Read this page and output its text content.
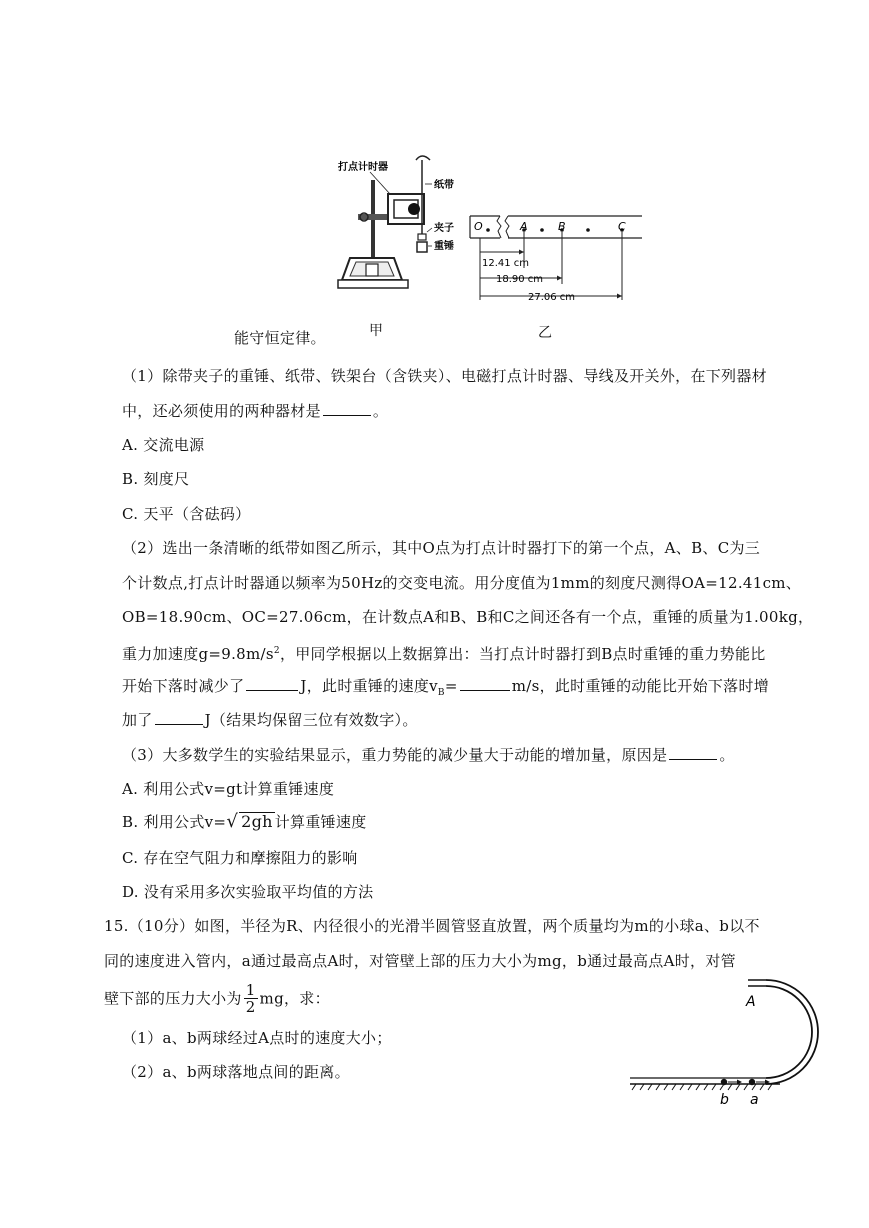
打点计时器
纸带
夹子
重锤
O	A	B	C
12.41 cm
18.90 cm
27.06 cm
甲	乙
能守恒定律。
（1）除带夹子的重锤、纸带、铁架台（含铁夹）、电磁打点计时器、导线及开关外，在下列器材
中，还必须使用的两种器材是	。
A. 交流电源
B. 刻度尺
C. 天平（含砝码）
（2）选出一条清晰的纸带如图乙所示，其中O点为打点计时器打下的第一个点，A、B、C为三
个计数点,打点计时器通以频率为50Hz的交变电流。用分度值为1mm的刻度尺测得OA=12.41cm、
OB=18.90cm、OC=27.06cm，在计数点A和B、B和C之间还各有一个点，重锤的质量为1.00kg，
重力加速度$g=9.8m/s^2$，甲同学根据以上数据算出：当打点计时器打到B点时重锤的重力势能比
开始下落时减少了	J，此时重锤的速度$v_B=$	m/s，此时重锤的动能比开始下落时增
加了	J（结果均保留三位有效数字）。
（3）大多数学生的实验结果显示，重力势能的减少量大于动能的增加量，原因是	。
A. 利用公式v=gt计算重锤速度
B. 利用公式v=√ 2gh 计算重锤速度
C. 存在空气阻力和摩擦阻力的影响
D. 没有采用多次实验取平均值的方法
15.（10分）如图，半径为R、内径很小的光滑半圆管竖直放置，两个质量均为m的小球a、b以不
同的速度进入管内，a通过最高点A时，对管壁上部的压力大小为mg，b通过最高点A时，对管
壁下部的压力大小为 $\frac{1}{2}$ mg，求：
（1）a、b两球经过A点时的速度大小；
（2）a、b两球落地点间的距离。
A
b a
